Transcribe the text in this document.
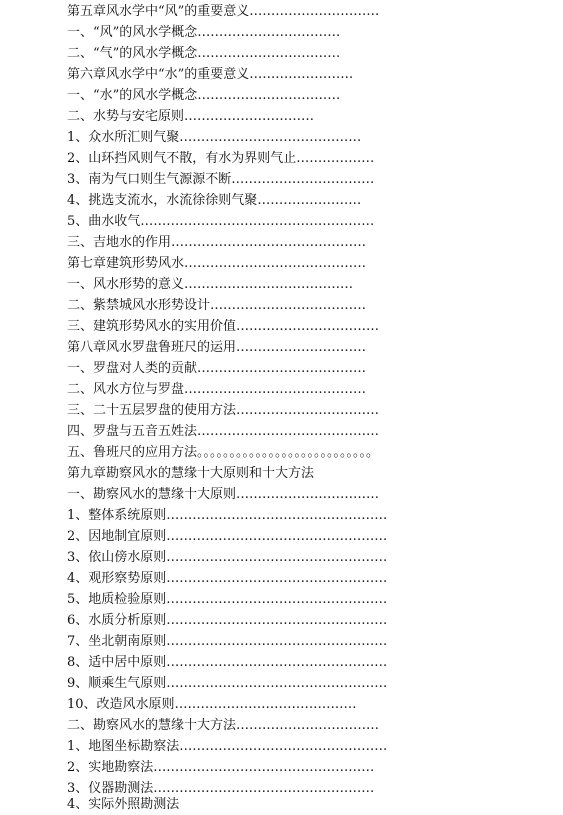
第五章风水学中“风”的重要意义…………………………
一、“风”的风水学概念……………………………
二、“气”的风水学概念……………………………
第六章风水学中“水”的重要意义……………………
一、“水”的风水学概念……………………………
二、水势与安宅原则…………………………
1、众水所汇则气聚……………………………………
2、山环挡风则气不散，有水为界则气止………………
3、南为气口则生气源源不断……………………………
4、挑选支流水，水流徐徐则气聚……………………
5、曲水收气………………………………………………
三、吉地水的作用………………………………………
第七章建筑形势风水……………………………………
一、风水形势的意义…………………………………
二、紫禁城风水形势设计………………………………
三、建筑形势风水的实用价值……………………………
第八章风水罗盘鲁班尺的运用…………………………
一、罗盘对人类的贡献…………………………………
二、风水方位与罗盘……………………………………
三、二十五层罗盘的使用方法……………………………
四、罗盘与五音五姓法……………………………………
五、鲁班尺的应用方法。。。。。。。。。。。。。。。。。。。。。。。。。。。
第九章勘察风水的慧缘十大原则和十大方法
一、勘察风水的慧缘十大原则……………………………
1、整体系统原则……………………………………………
2、因地制宜原则……………………………………………
3、依山傍水原则……………………………………………
4、观形察势原则……………………………………………
5、地质检验原则……………………………………………
6、水质分析原则……………………………………………
7、坐北朝南原则……………………………………………
8、适中居中原则……………………………………………
9、顺乘生气原则……………………………………………
10、改造风水原则……………………………………
二、勘察风水的慧缘十大方法……………………………
1、地图坐标勘察法…………………………………………
2、实地勘察法……………………………………………
3、仪器勘测法……………………………………………
4、实际外照勘测法
